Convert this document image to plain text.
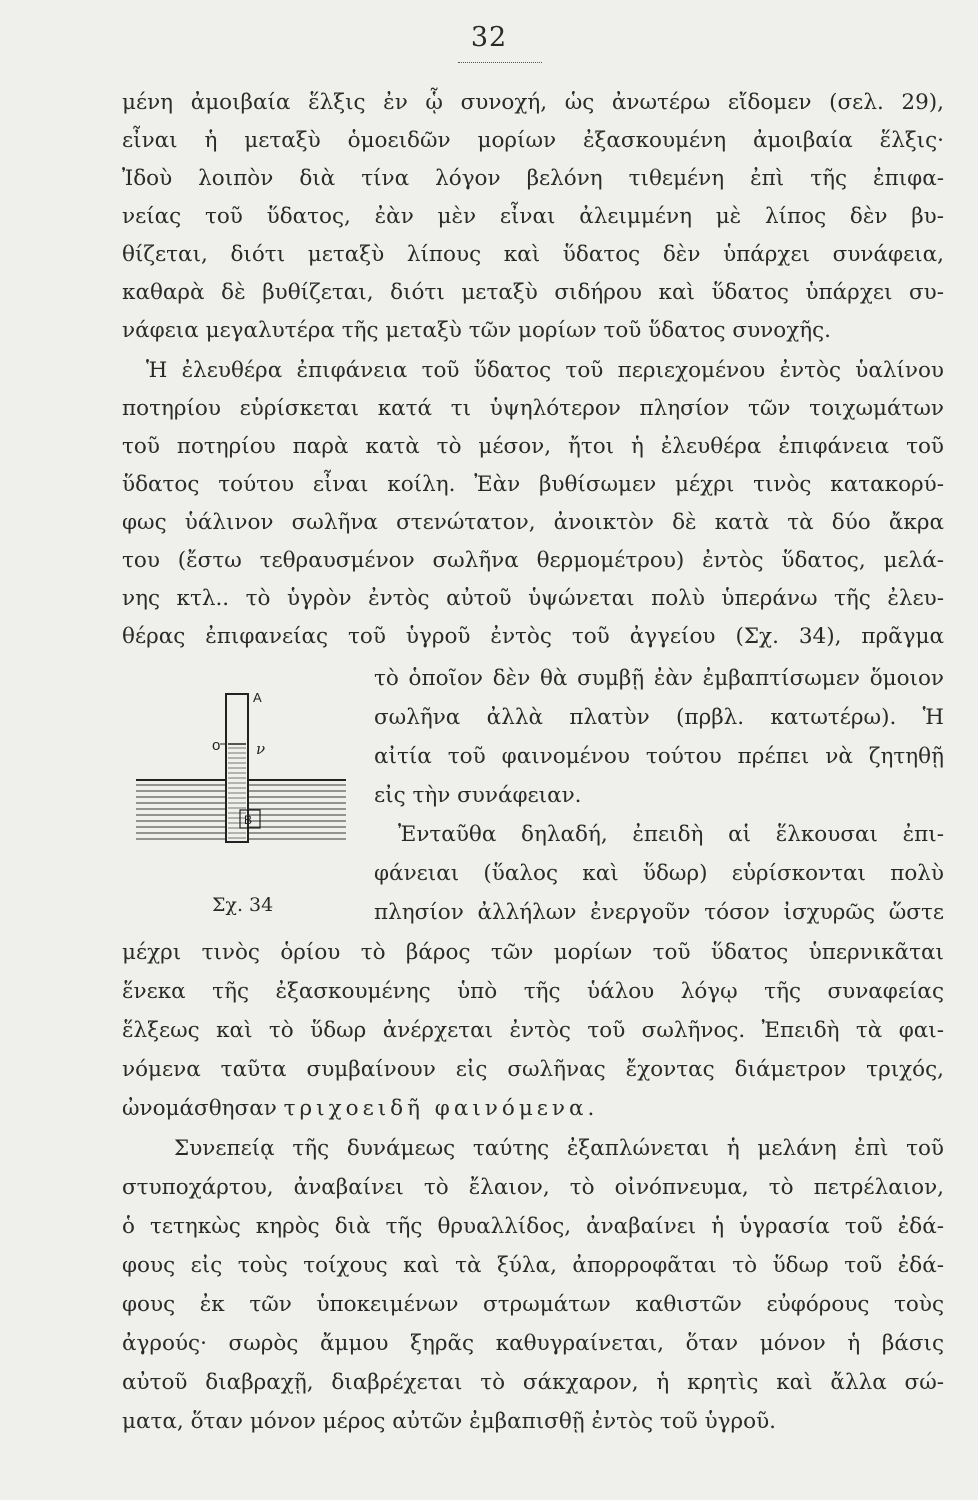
32
μένη ἀμοιβαία ἕλξις ἐν ᾧ συνοχή, ὡς ἀνωτέρω εἴδομεν (σελ. 29),
εἶναι ἡ μεταξὺ ὁμοειδῶν μορίων ἐξασκουμένη ἀμοιβαία ἕλξις·
Ἰδοὺ λοιπὸν διὰ τίνα λόγον βελόνη τιθεμένη ἐπὶ τῆς ἐπιφα-
νείας τοῦ ὕδατος, ἐὰν μὲν εἶναι ἀλειμμένη μὲ λίπος δὲν βυ-
θίζεται, διότι μεταξὺ λίπους καὶ ὕδατος δὲν ὑπάρχει συνάφεια,
καθαρὰ δὲ βυθίζεται, διότι μεταξὺ σιδήρου καὶ ὕδατος ὑπάρχει συ-
νάφεια μεγαλυτέρα τῆς μεταξὺ τῶν μορίων τοῦ ὕδατος συνοχῆς.
Ἡ ἐλευθέρα ἐπιφάνεια τοῦ ὕδατος τοῦ περιεχομένου ἐντὸς ὑαλίνου
ποτηρίου εὑρίσκεται κατά τι ὑψηλότερον πλησίον τῶν τοιχωμάτων
τοῦ ποτηρίου παρὰ κατὰ τὸ μέσον, ἤτοι ἡ ἐλευθέρα ἐπιφάνεια τοῦ
ὕδατος τούτου εἶναι κοίλη. Ἐὰν βυθίσωμεν μέχρι τινὸς κατακορύ-
φως ὑάλινον σωλῆνα στενώτατον, ἀνοικτὸν δὲ κατὰ τὰ δύο ἄκρα
του (ἔστω τεθραυσμένον σωλῆνα θερμομέτρου) ἐντὸς ὕδατος, μελά-
νης κτλ.. τὸ ὑγρὸν ἐντὸς αὐτοῦ ὑψώνεται πολὺ ὑπεράνω τῆς ἐλευ-
θέρας ἐπιφανείας τοῦ ὑγροῦ ἐντὸς τοῦ ἀγγείου (Σχ. 34), πρᾶγμα
τὸ ὁποῖον δὲν θὰ συμβῇ ἐὰν ἐμβαπτίσωμεν ὅμοιον
σωλῆνα ἀλλὰ πλατὺν (πρβλ. κατωτέρω). Ἡ
αἰτία τοῦ φαινομένου τούτου πρέπει νὰ ζητηθῇ
εἰς τὴν συνάφειαν.
Ἐνταῦθα δηλαδή, ἐπειδὴ αἱ ἕλκουσαι ἐπι-
φάνειαι (ὕαλος καὶ ὕδωρ) εὑρίσκονται πολὺ
πλησίον ἀλλήλων ἐνεργοῦν τόσον ἰσχυρῶς ὥστε
μέχρι τινὸς ὁρίου τὸ βάρος τῶν μορίων τοῦ ὕδατος ὑπερνικᾶται
ἕνεκα τῆς ἐξασκουμένης ὑπὸ τῆς ὑάλου λόγῳ τῆς συναφείας
ἕλξεως καὶ τὸ ὕδωρ ἀνέρχεται ἐντὸς τοῦ σωλῆνος. Ἐπειδὴ τὰ φαι-
νόμενα ταῦτα συμβαίνουν εἰς σωλῆνας ἔχοντας διάμετρον τριχός,
ὠνομάσθησαν τριχοειδῆ φαινόμενα.
Συνεπείᾳ τῆς δυνάμεως ταύτης ἐξαπλώνεται ἡ μελάνη ἐπὶ τοῦ
στυποχάρτου, ἀναβαίνει τὸ ἔλαιον, τὸ οἰνόπνευμα, τὸ πετρέλαιον,
ὁ τετηκὼς κηρὸς διὰ τῆς θρυαλλίδος, ἀναβαίνει ἡ ὑγρασία τοῦ ἐδά-
φους εἰς τοὺς τοίχους καὶ τὰ ξύλα, ἀπορροφᾶται τὸ ὕδωρ τοῦ ἐδά-
φους ἐκ τῶν ὑποκειμένων στρωμάτων καθιστῶν εὐφόρους τοὺς
ἀγρούς· σωρὸς ἄμμου ξηρᾶς καθυγραίνεται, ὅταν μόνον ἡ βάσις
αὐτοῦ διαβραχῇ, διαβρέχεται τὸ σάκχαρον, ἡ κρητὶς καὶ ἄλλα σώ-
ματα, ὅταν μόνον μέρος αὐτῶν ἐμβαπισθῇ ἐντὸς τοῦ ὑγροῦ.
A
o ν
B
Σχ. 34
